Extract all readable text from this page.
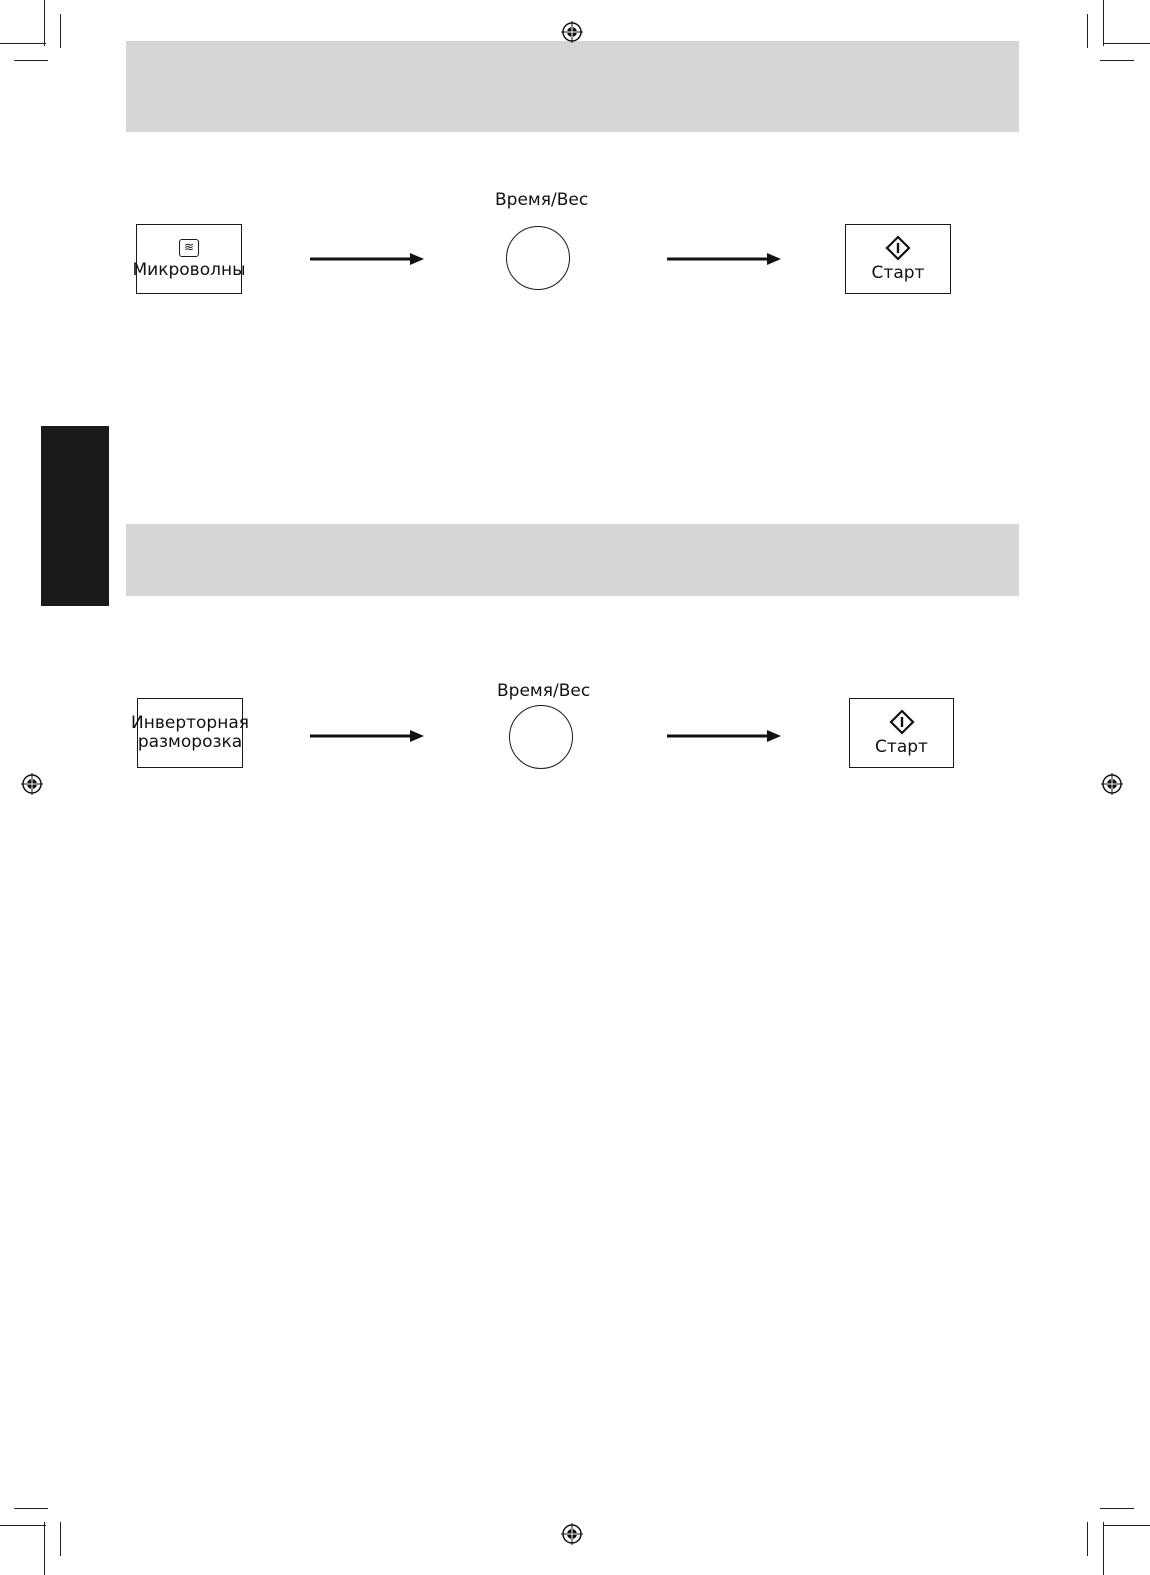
≋
Микроволны
Время/Вес
Старт
Инверторная
разморозка
Время/Вес
Старт
